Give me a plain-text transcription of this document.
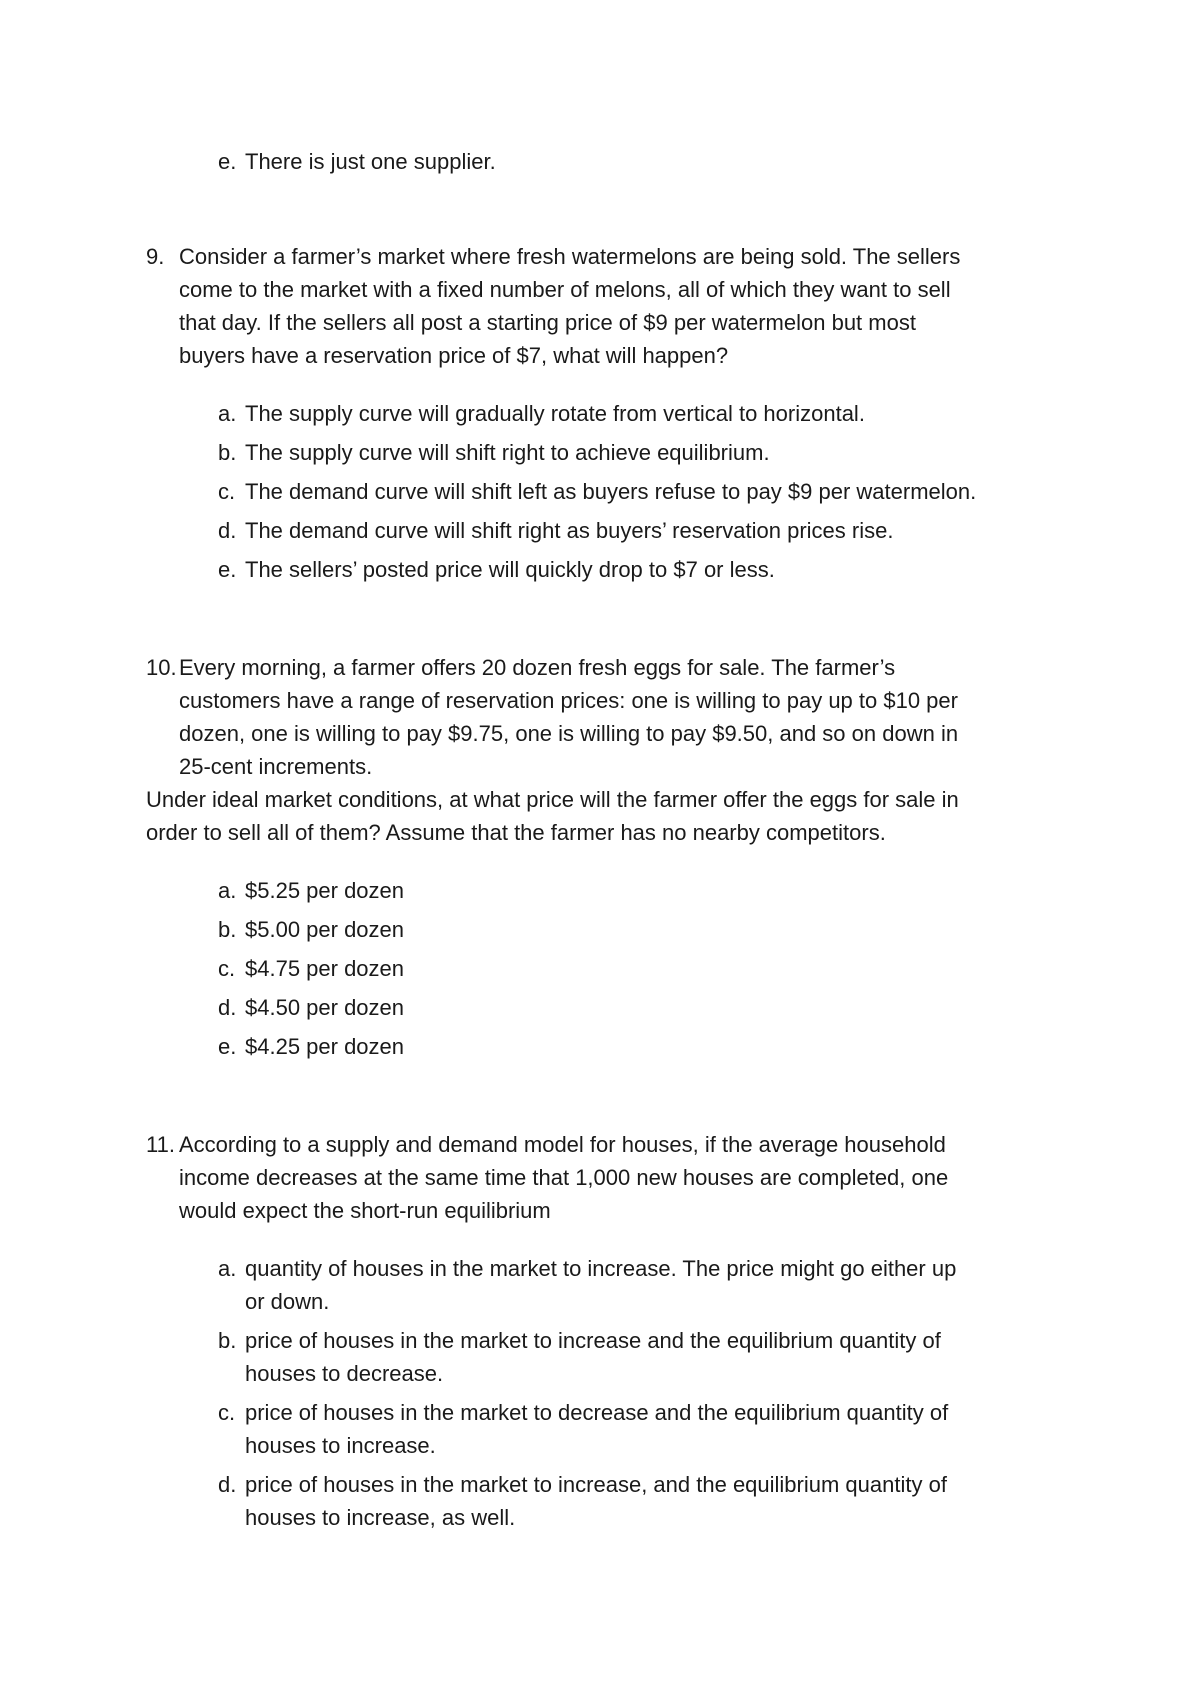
e. There is just one supplier.
9. Consider a farmer’s market where fresh watermelons are being sold. The sellers
come to the market with a fixed number of melons, all of which they want to sell
that day. If the sellers all post a starting price of $9 per watermelon but most
buyers have a reservation price of $7, what will happen?
a. The supply curve will gradually rotate from vertical to horizontal.
b. The supply curve will shift right to achieve equilibrium.
c. The demand curve will shift left as buyers refuse to pay $9 per watermelon.
d. The demand curve will shift right as buyers’ reservation prices rise.
e. The sellers’ posted price will quickly drop to $7 or less.
10. Every morning, a farmer offers 20 dozen fresh eggs for sale. The farmer’s
customers have a range of reservation prices: one is willing to pay up to $10 per
dozen, one is willing to pay $9.75, one is willing to pay $9.50, and so on down in
25-cent increments.
Under ideal market conditions, at what price will the farmer offer the eggs for sale in
order to sell all of them? Assume that the farmer has no nearby competitors.
a. $5.25 per dozen
b. $5.00 per dozen
c. $4.75 per dozen
d. $4.50 per dozen
e. $4.25 per dozen
11. According to a supply and demand model for houses, if the average household
income decreases at the same time that 1,000 new houses are completed, one
would expect the short-run equilibrium
a. quantity of houses in the market to increase. The price might go either up
or down.
b. price of houses in the market to increase and the equilibrium quantity of
houses to decrease.
c. price of houses in the market to decrease and the equilibrium quantity of
houses to increase.
d. price of houses in the market to increase, and the equilibrium quantity of
houses to increase, as well.
